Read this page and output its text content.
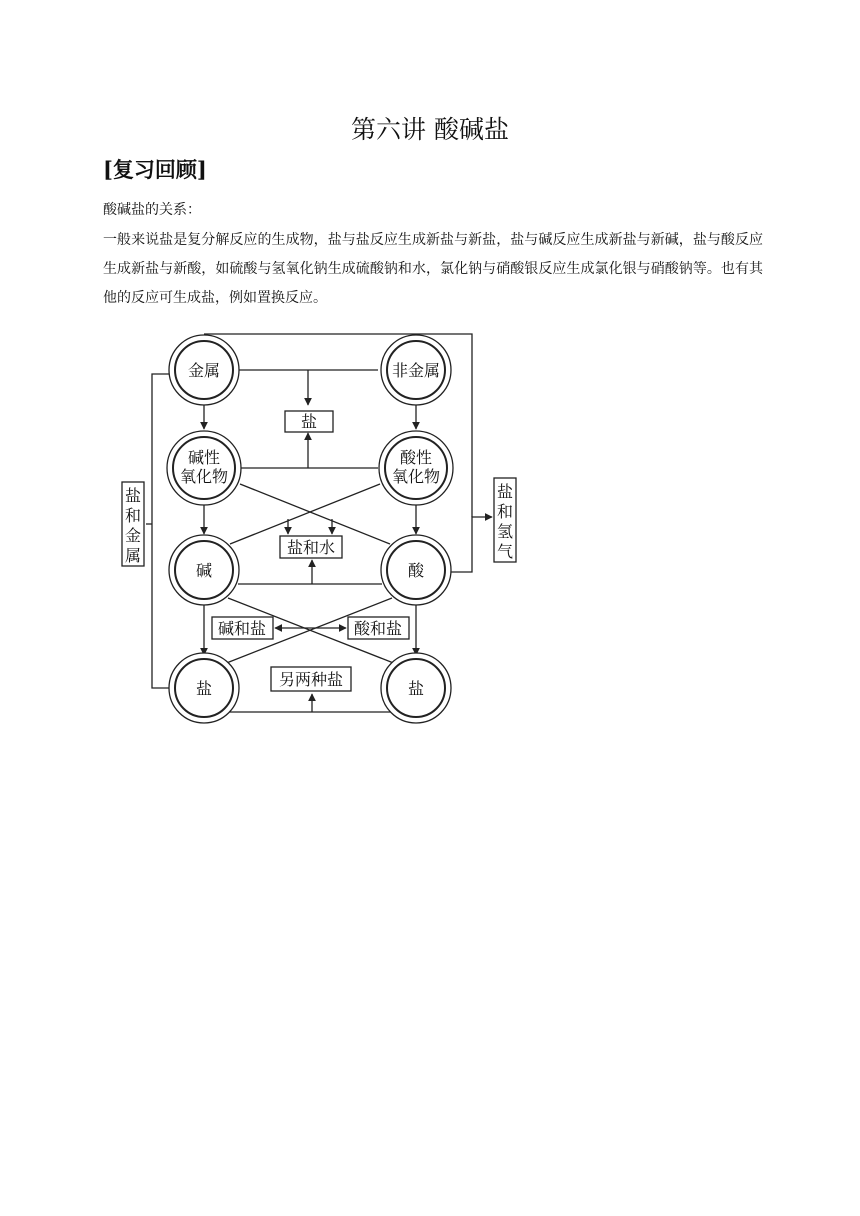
第六讲 酸碱盐
[复习回顾]
酸碱盐的关系：
一般来说盐是复分解反应的生成物，盐与盐反应生成新盐与新盐，盐与碱反应生成新盐与新碱，盐与酸反应生成新盐与新酸，如硫酸与氢氧化钠生成硫酸钠和水，氯化钠与硝酸银反应生成氯化银与硝酸钠等。也有其他的反应可生成盐，例如置换反应。
金属	非金属
盐
碱性
氧化物
酸性
氧化物
碱	酸
盐和水
碱和盐	酸和盐
盐	盐
另两种盐
盐
和
金
属
盐
和
氢
气
